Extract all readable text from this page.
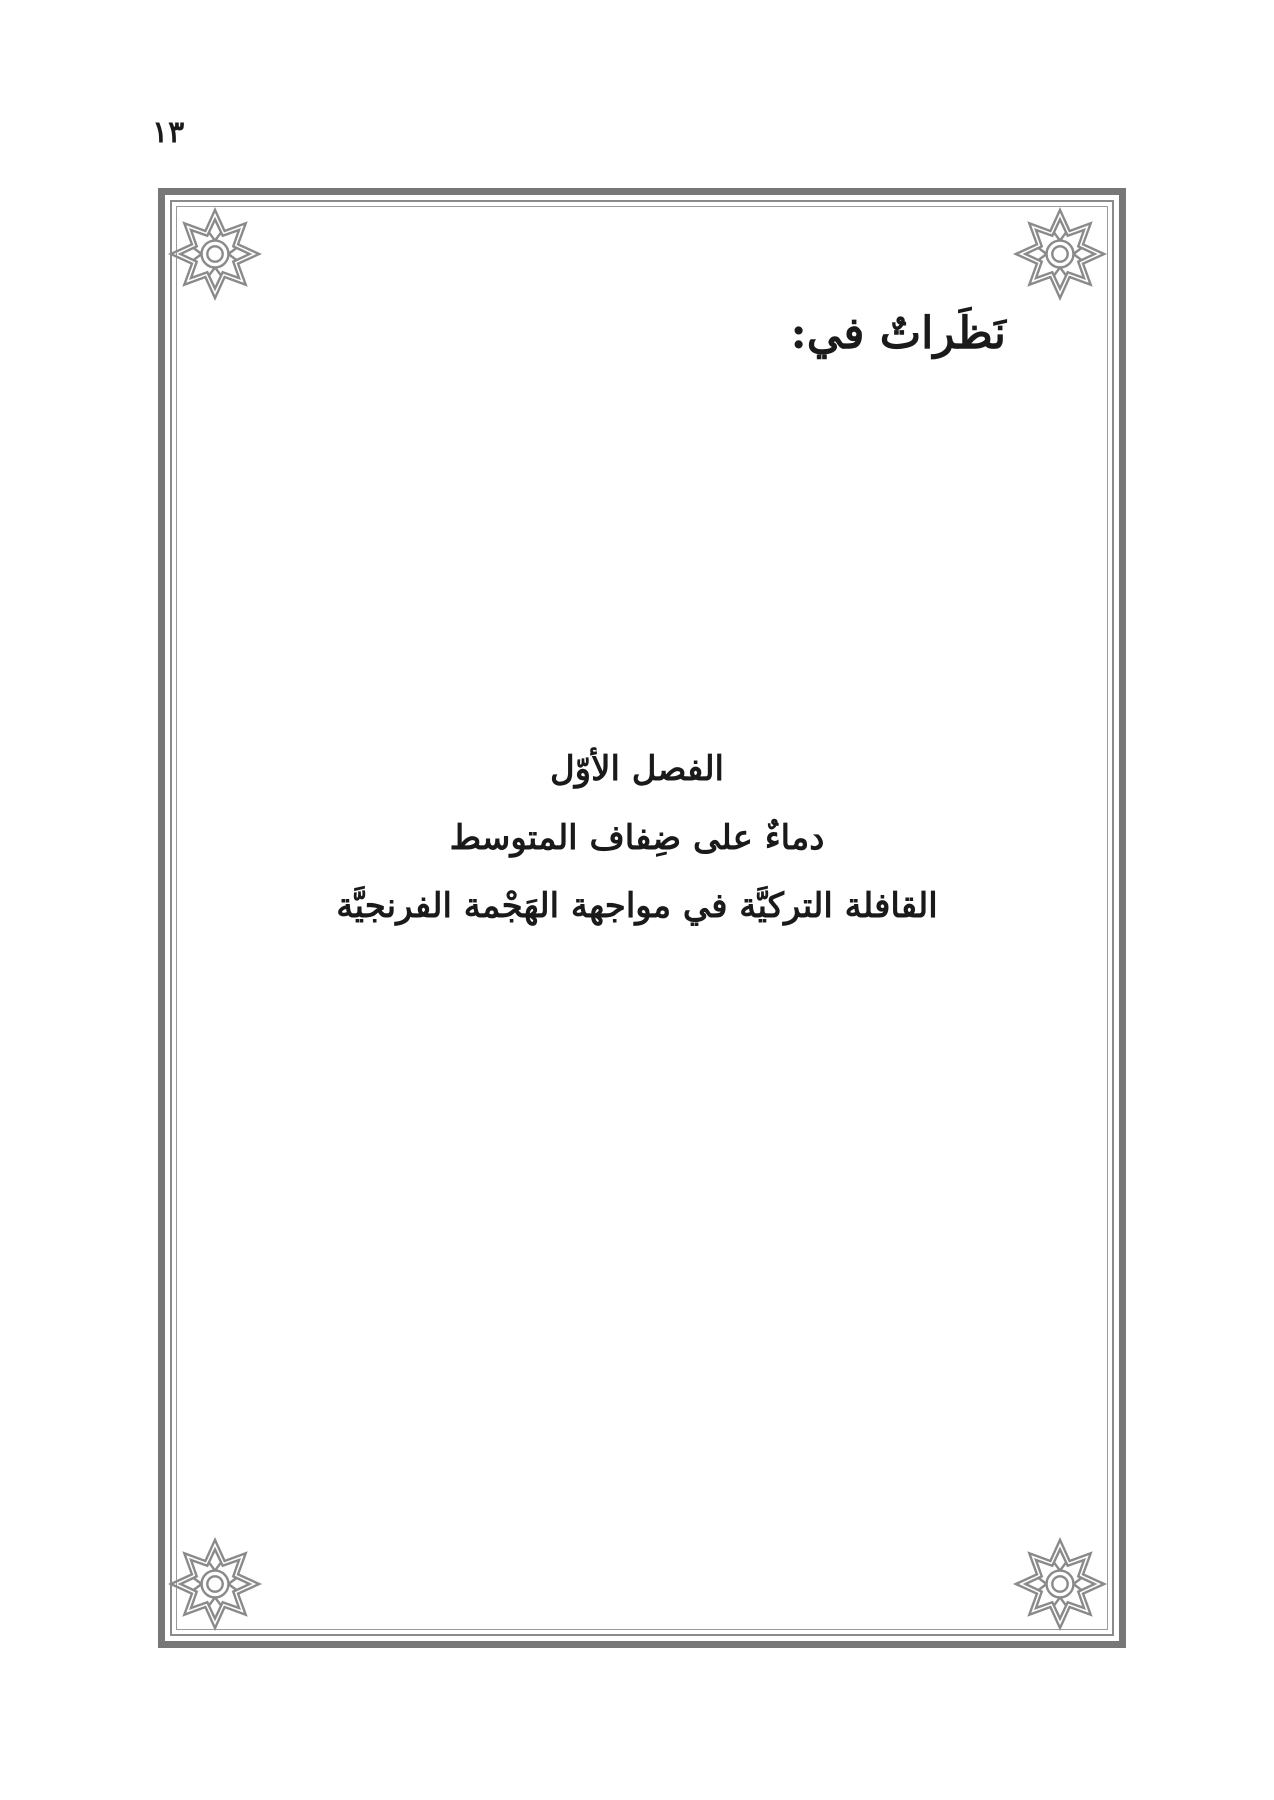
١٣
نَظَراتٌ في:
الفصل الأوّل
دماءٌ على ضِفاف المتوسط
القافلة التركيَّة في مواجهة الهَجْمة الفرنجيَّة
